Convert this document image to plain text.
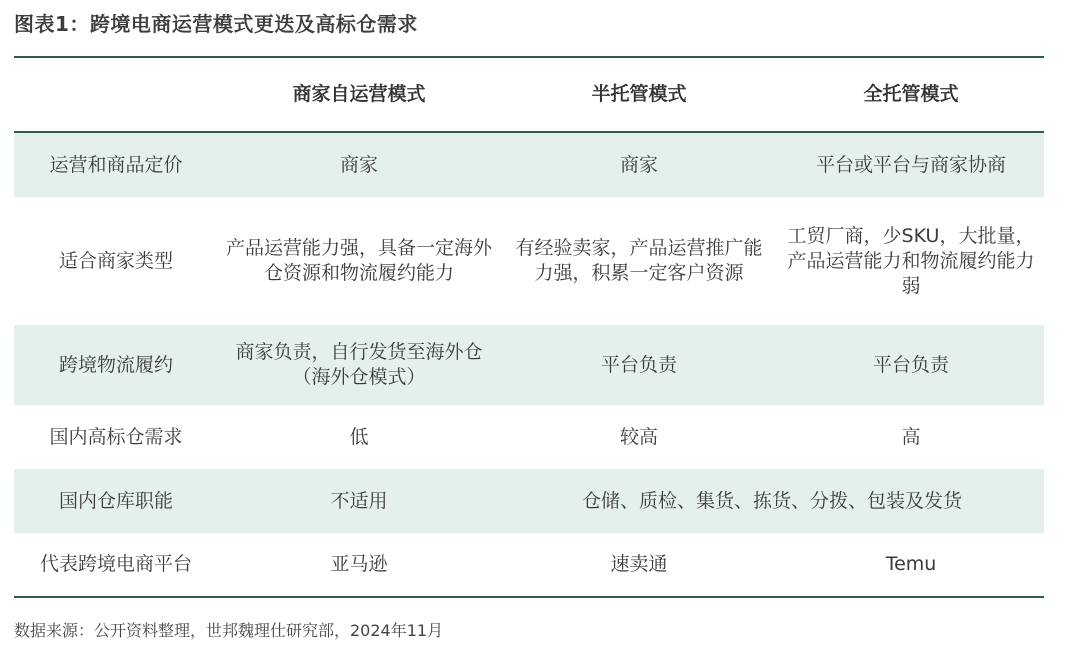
图表1：跨境电商运营模式更迭及高标仓需求
	商家自运营模式	半托管模式	全托管模式
运营和商品定价	商家	商家	平台或平台与商家协商
适合商家类型	产品运营能力强，具备一定海外仓资源和物流履约能力	有经验卖家，产品运营推广能力强，积累一定客户资源	工贸厂商，少SKU，大批量，产品运营能力和物流履约能力弱
跨境物流履约	商家负责，自行发货至海外仓（海外仓模式）	平台负责	平台负责
国内高标仓需求	低	较高	高
国内仓库职能	不适用	仓储、质检、集货、拣货、分拨、包装及发货	
代表跨境电商平台	亚马逊	速卖通	Temu
数据来源：公开资料整理，世邦魏理仕研究部，2024年11月
